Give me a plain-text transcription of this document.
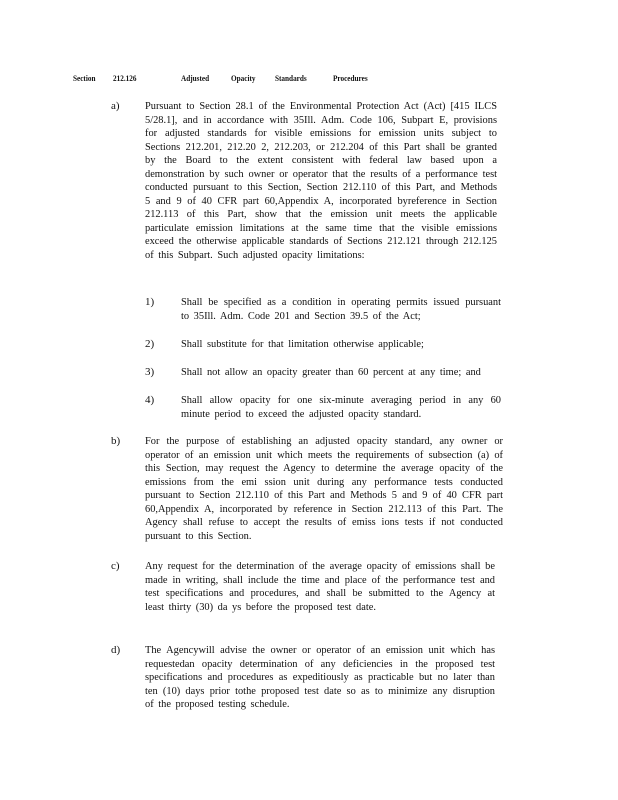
Section 212.126	Adjusted	Opacity Standards	Procedures
a) Pursuant to Section 28.1 of the Environmental Protection Act (Act) [415 ILCS 5/28.1], and in accordance with 35Ill. Adm. Code 106, Subpart E, provisions for adjusted standards for visible emissions for emission units subject to Sections 212.201, 212.20 2, 212.203, or 212.204 of this Part shall be granted by the Board to the extent consistent with federal law based upon a demonstration by such owner or operator that the results of a performance test conducted pursuant to this Section, Section 212.110 of this Part, and Methods 5 and 9 of 40 CFR part 60,Appendix A, incorporated byreference in Section 212.113 of this Part, show that the emission unit meets the applicable particulate emission limitations at the same time that the visible emissions exceed the otherwise applicable standards of Sections 212.121 through 212.125 of this Subpart. Such adjusted opacity limitations:
1)	Shall be specified as a condition in operating permits issued pursuant to 35Ill. Adm. Code 201 and Section 39.5 of the Act;
2)	Shall substitute for that limitation otherwise applicable;
3)	Shall not allow an opacity greater than 60 percent at any time; and
4)	Shall allow opacity for one six-minute averaging period in any 60 minute period to exceed the adjusted opacity standard.
b) For the purpose of establishing an adjusted opacity standard, any owner or operator of an emission unit which meets the requirements of subsection (a) of this Section, may request the Agency to determine the average opacity of the emissions from the emi ssion unit during any performance tests conducted pursuant to Section 212.110 of this Part and Methods 5 and 9 of 40 CFR part 60,Appendix A, incorporated by reference in Section 212.113 of this Part. The Agency shall refuse to accept the results of emiss ions tests if not conducted pursuant to this Section.
c) Any request for the determination of the average opacity of emissions shall be made in writing, shall include the time and place of the performance test and test specifications and procedures, and shall be submitted to the Agency at least thirty (30) da ys before the proposed test date.
d) The Agencywill advise the owner or operator of an emission unit which has requestedan opacity determination of any deficiencies in the proposed test specifications and procedures as expeditiously as practicable but no later than ten (10) days prior tothe proposed test date so as to minimize any disruption of the proposed testing schedule.
